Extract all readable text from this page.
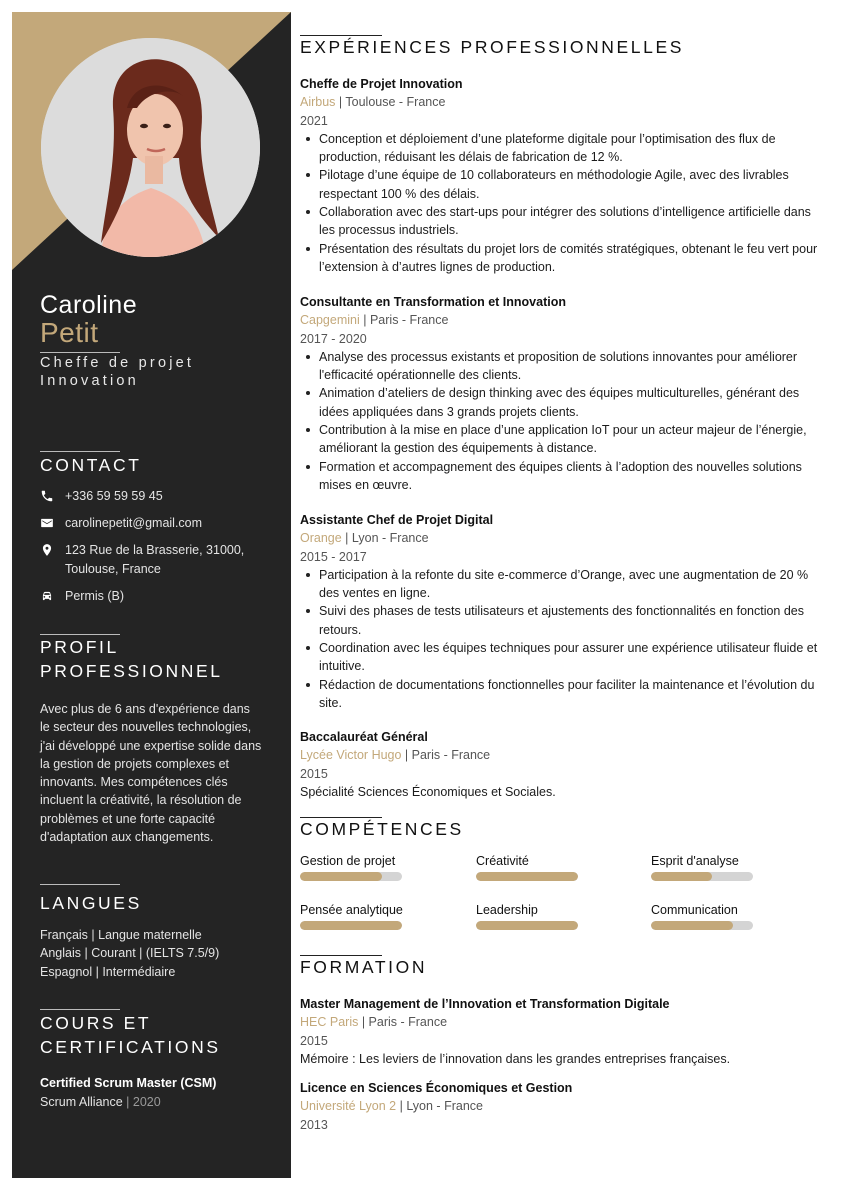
Caroline
Petit
Cheffe de projet Innovation
CONTACT
+336 59 59 59 45
carolinepetit@gmail.com
123 Rue de la Brasserie, 31000, Toulouse, France
Permis (B)
PROFIL PROFESSIONNEL
Avec plus de 6 ans d'expérience dans le secteur des nouvelles technologies, j'ai développé une expertise solide dans la gestion de projets complexes et innovants. Mes compétences clés incluent la créativité, la résolution de problèmes et une forte capacité d'adaptation aux changements.
LANGUES
Français | Langue maternelle
Anglais | Courant | (IELTS 7.5/9)
Espagnol | Intermédiaire
COURS ET CERTIFICATIONS
Certified Scrum Master (CSM)
Scrum Alliance | 2020
EXPÉRIENCES PROFESSIONNELLES
Cheffe de Projet Innovation
Airbus | Toulouse - France
2021
Conception et déploiement d’une plateforme digitale pour l’optimisation des flux de production, réduisant les délais de fabrication de 12 %.
Pilotage d’une équipe de 10 collaborateurs en méthodologie Agile, avec des livrables respectant 100 % des délais.
Collaboration avec des start-ups pour intégrer des solutions d’intelligence artificielle dans les processus industriels.
Présentation des résultats du projet lors de comités stratégiques, obtenant le feu vert pour l’extension à d’autres lignes de production.
Consultante en Transformation et Innovation
Capgemini | Paris - France
2017 - 2020
Analyse des processus existants et proposition de solutions innovantes pour améliorer l'efficacité opérationnelle des clients.
Animation d’ateliers de design thinking avec des équipes multiculturelles, générant des idées appliquées dans 3 grands projets clients.
Contribution à la mise en place d’une application IoT pour un acteur majeur de l’énergie, améliorant la gestion des équipements à distance.
Formation et accompagnement des équipes clients à l’adoption des nouvelles solutions mises en œuvre.
Assistante Chef de Projet Digital
Orange | Lyon - France
2015 - 2017
Participation à la refonte du site e-commerce d’Orange, avec une augmentation de 20 % des ventes en ligne.
Suivi des phases de tests utilisateurs et ajustements des fonctionnalités en fonction des retours.
Coordination avec les équipes techniques pour assurer une expérience utilisateur fluide et intuitive.
Rédaction de documentations fonctionnelles pour faciliter la maintenance et l’évolution du site.
Baccalauréat Général
Lycée Victor Hugo | Paris - France
2015
Spécialité Sciences Économiques et Sociales.
COMPÉTENCES
Gestion de projet	Créativité	Esprit d'analyse
Pensée analytique	Leadership	Communication
FORMATION
Master Management de l’Innovation et Transformation Digitale
HEC Paris | Paris - France
2015
Mémoire : Les leviers de l’innovation dans les grandes entreprises françaises.
Licence en Sciences Économiques et Gestion
Université Lyon 2 | Lyon - France
2013
